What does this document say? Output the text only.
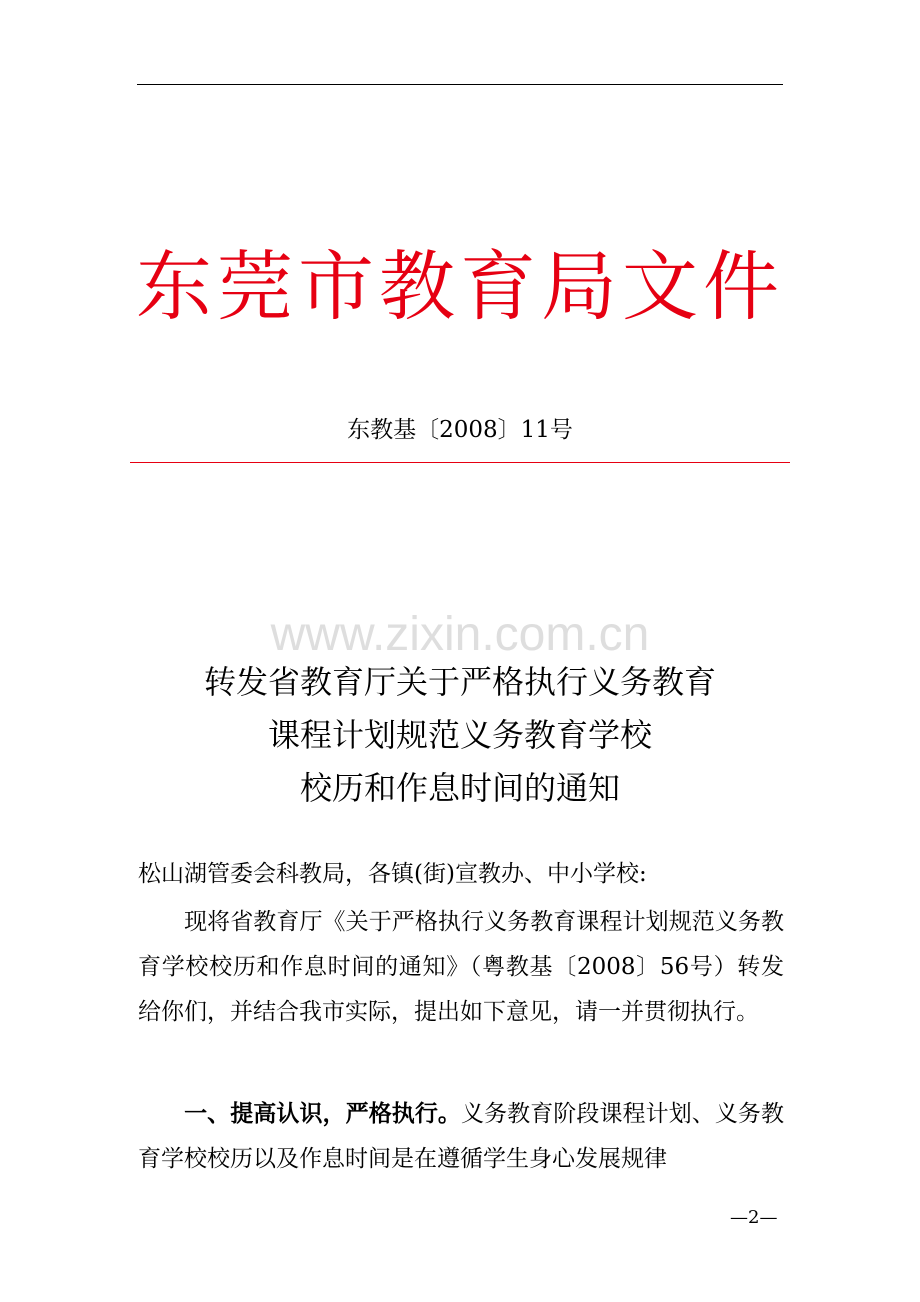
东莞市教育局文件
东教基〔2008〕11号
www.zixin.com.cn
转发省教育厅关于严格执行义务教育
课程计划规范义务教育学校
校历和作息时间的通知
松山湖管委会科教局，各镇(街)宣教办、中小学校:
现将省教育厅《关于严格执行义务教育课程计划规范义务教育学校校历和作息时间的通知》（粤教基〔2008〕56号）转发给你们，并结合我市实际，提出如下意见，请一并贯彻执行。
一、提高认识，严格执行。义务教育阶段课程计划、义务教育学校校历以及作息时间是在遵循学生身心发展规律
—2—
